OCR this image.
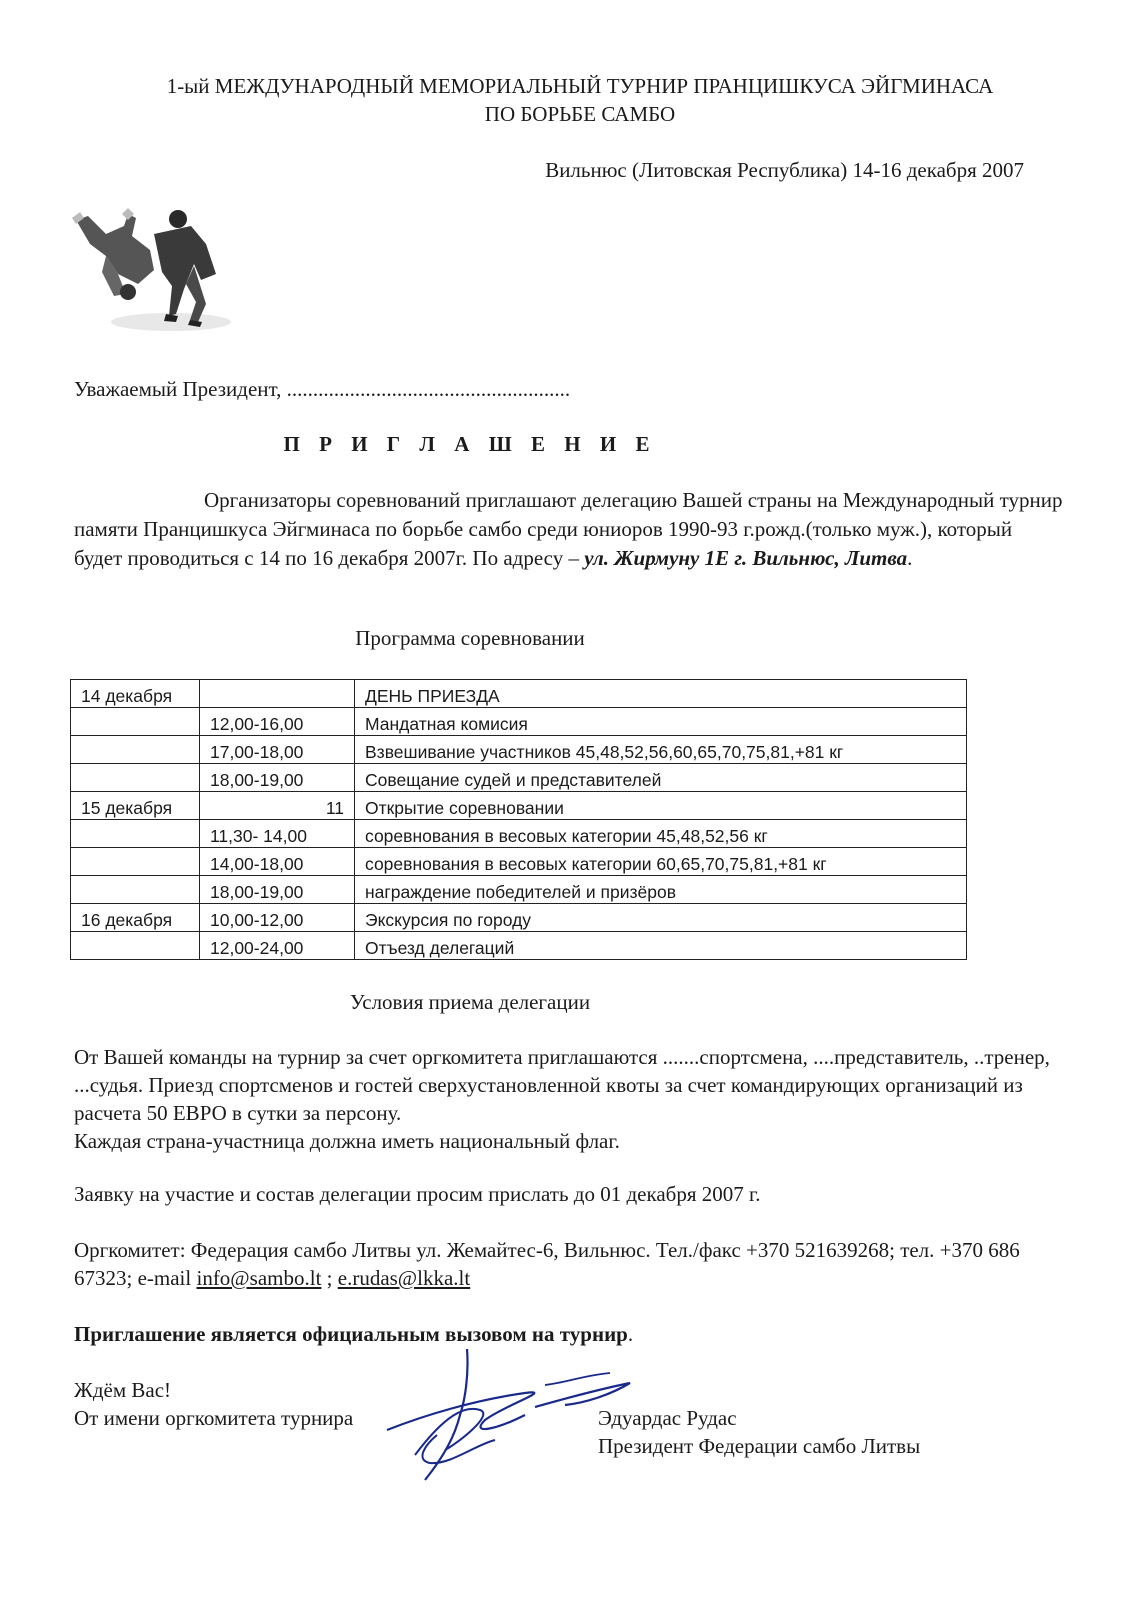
1-ый МЕЖДУНАРОДНЫЙ МЕМОРИАЛЬНЫЙ ТУРНИР ПРАНЦИШКУСА ЭЙГМИНАСА
ПО БОРЬБЕ САМБО
Вильнюс (Литовская Республика) 14-16 декабря 2007
Уважаемый Президент, ......................................................
П Р И Г Л А Ш Е Н И Е
Организаторы соревнований приглашают делегацию Вашей страны на Международный турнир памяти Пранцишкуса Эйгминаса по борьбе самбо среди юниоров 1990-93 г.рожд.(только муж.), который будет проводиться с 14 по 16 декабря 2007г. По адресу – ул. Жирмуну 1Е г. Вильнюс, Литва.
Программа соревновании
14 декабря		ДЕНЬ ПРИЕЗДА
	12,00-16,00	Мандатная комисия
	17,00-18,00	Взвешивание участников 45,48,52,56,60,65,70,75,81,+81 кг
	18,00-19,00	Совещание судей и представителей
15 декабря	11	Открытие соревновании
	11,30- 14,00	соревнования в весовых категории 45,48,52,56 кг
	14,00-18,00	соревнования в весовых категории 60,65,70,75,81,+81 кг
	18,00-19,00	награждение победителей и призёров
16 декабря	10,00-12,00	Экскурсия по городу
	12,00-24,00	Отъезд делегаций
Условия приема делегации
От Вашей команды на турнир за счет оргкомитета приглашаются .......спортсмена, ....представитель, ..тренер, ...судья. Приезд спортсменов и гостей сверхустановленной квоты за счет командирующих организаций из расчета 50 ЕВРО в сутки за персону.
Каждая страна-участница должна иметь национальный флаг.
Заявку на участие и состав делегации просим прислать до 01 декабря 2007 г.
Оргкомитет: Федерация самбо Литвы ул. Жемайтес-6, Вильнюс. Тел./факс +370 521639268; тел. +370 686 67323; e-mail info@sambo.lt ; e.rudas@lkka.lt
Приглашение является официальным вызовом на турнир.
Ждём Вас!
От имени оргкомитета турнира	Эдуардас Рудас
Президент Федерации самбо Литвы
